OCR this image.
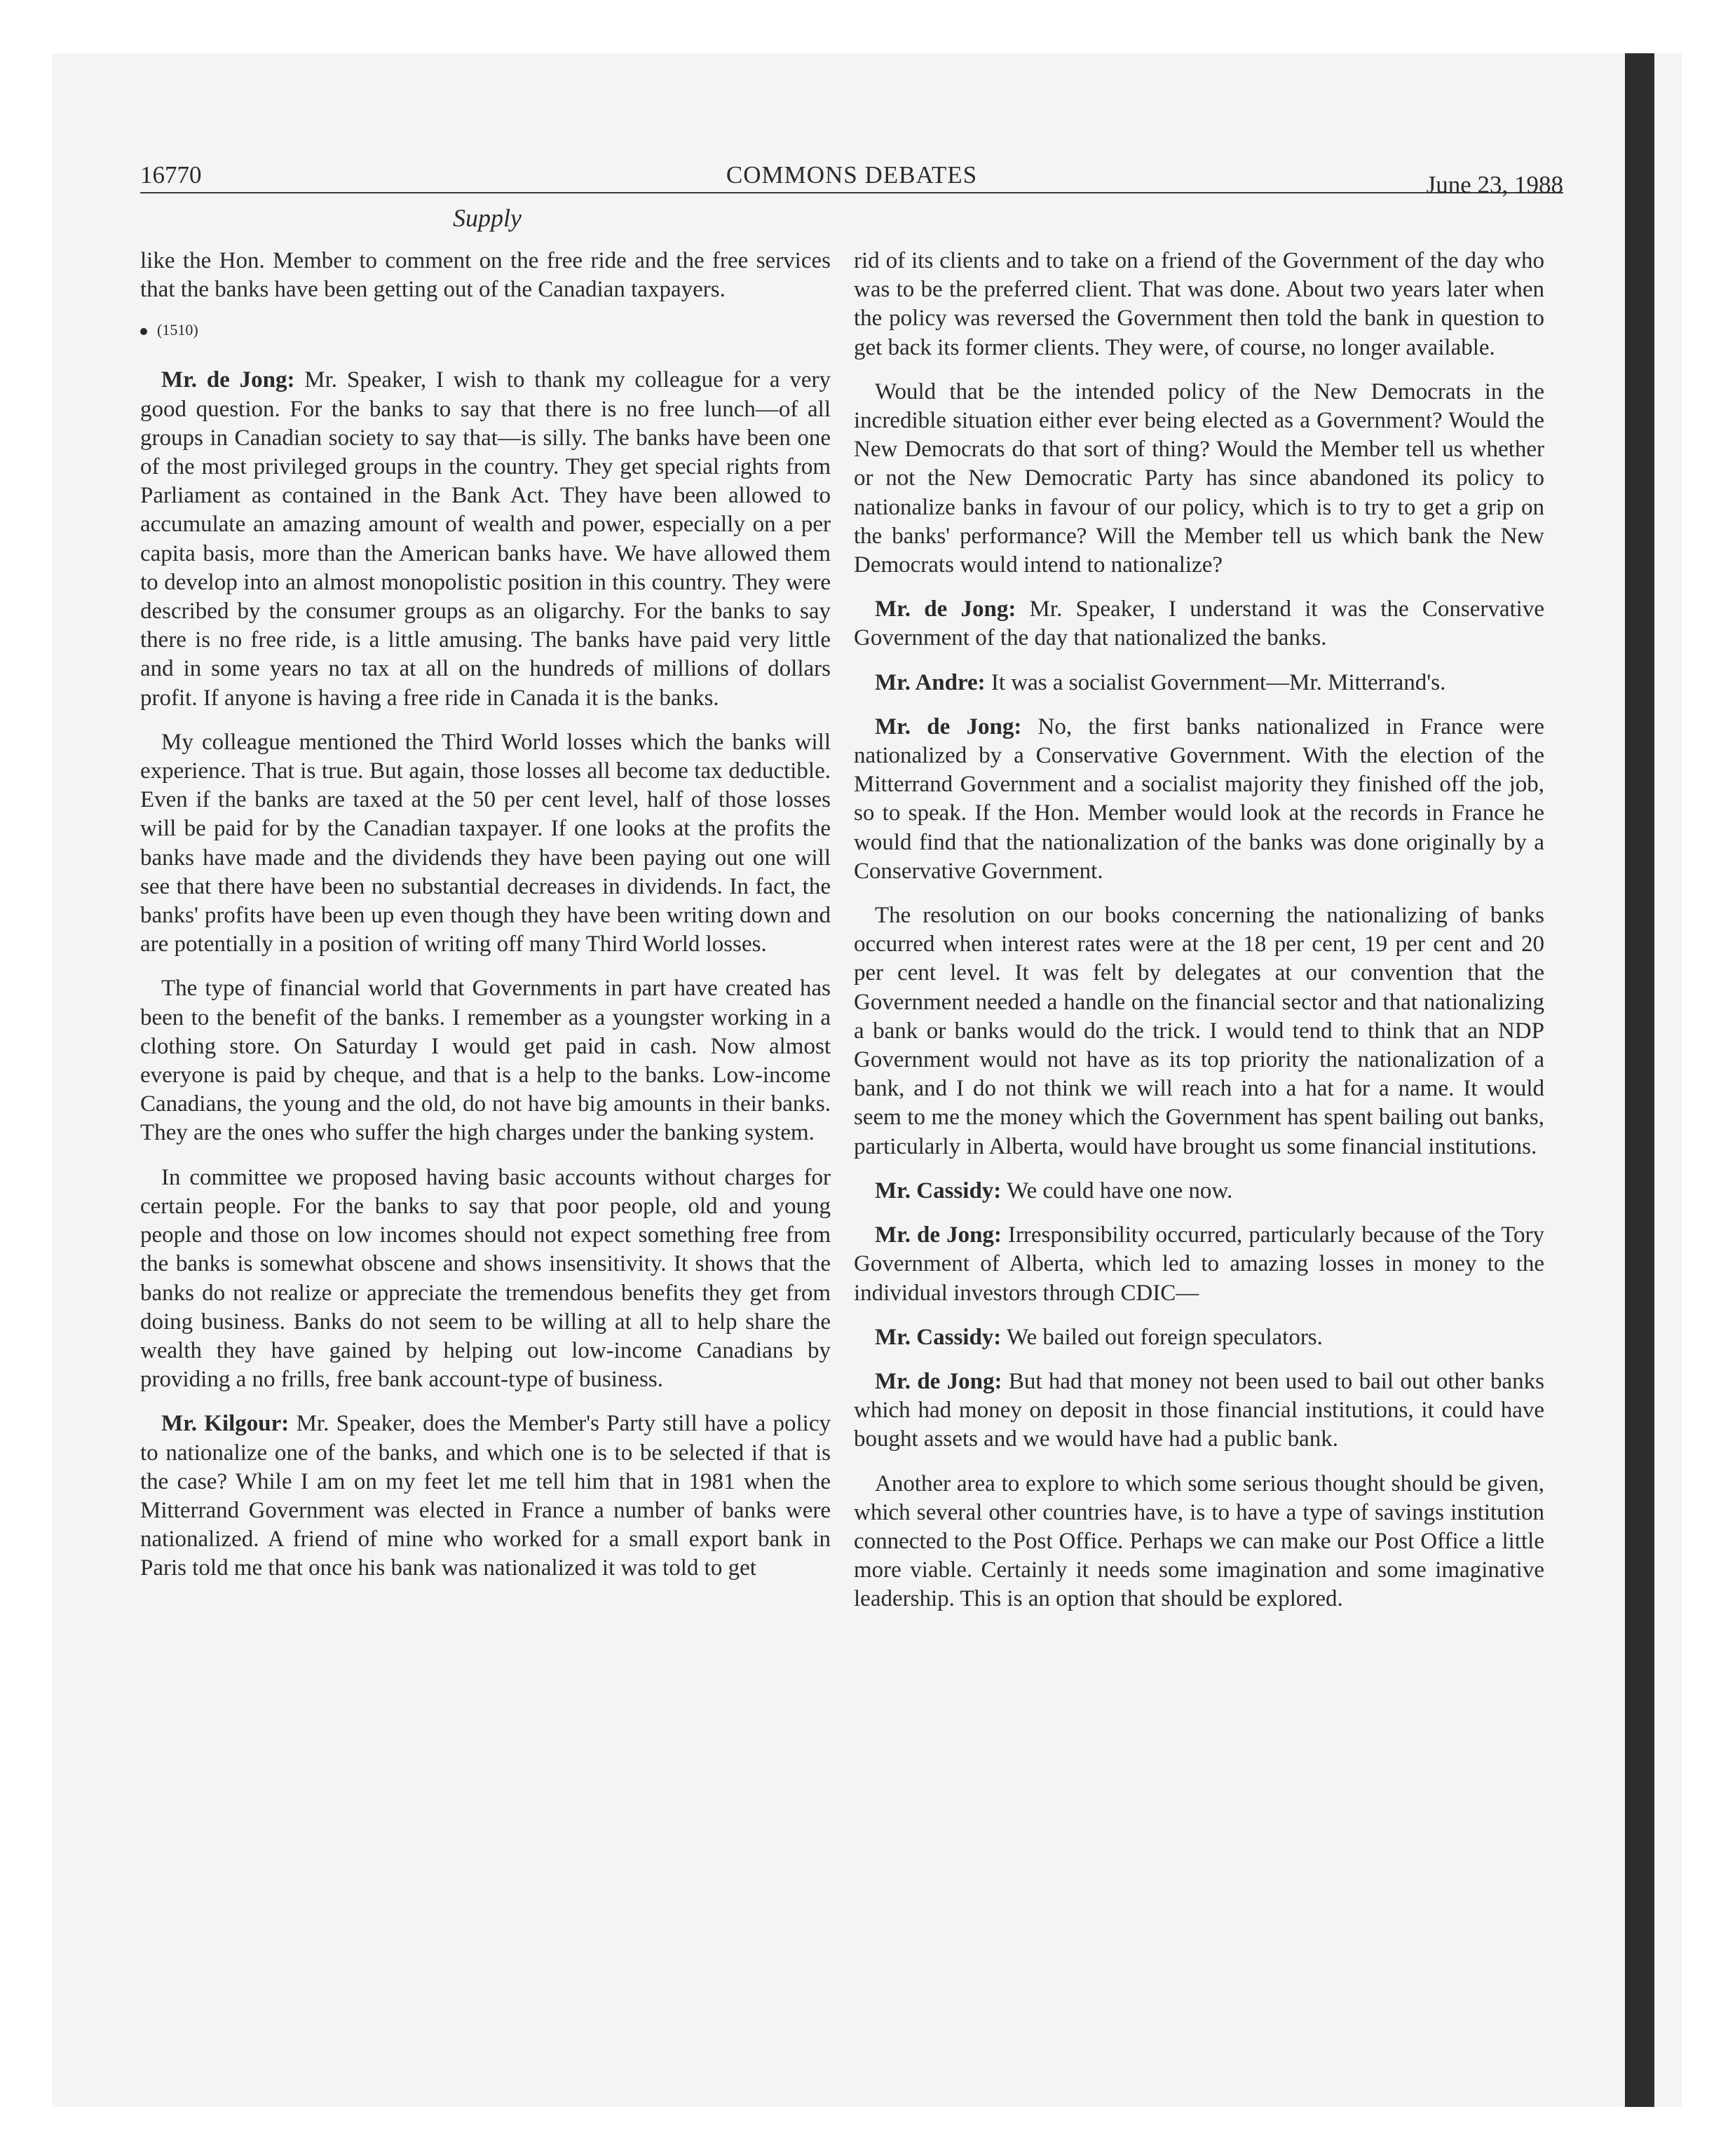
16770	COMMONS DEBATES	June 23, 1988
Supply

like the Hon. Member to comment on the free ride and the free services that the banks have been getting out of the Canadian taxpayers.

(1510)

Mr. de Jong: Mr. Speaker, I wish to thank my colleague for a very good question. For the banks to say that there is no free lunch—of all groups in Canadian society to say that—is silly. The banks have been one of the most privileged groups in the country. They get special rights from Parliament as contained in the Bank Act. They have been allowed to accumulate an amazing amount of wealth and power, especially on a per capita basis, more than the American banks have. We have allowed them to develop into an almost monopolistic position in this country. They were described by the consumer groups as an oligarchy. For the banks to say there is no free ride, is a little amusing. The banks have paid very little and in some years no tax at all on the hundreds of millions of dollars profit. If anyone is having a free ride in Canada it is the banks.

My colleague mentioned the Third World losses which the banks will experience. That is true. But again, those losses all become tax deductible. Even if the banks are taxed at the 50 per cent level, half of those losses will be paid for by the Canadian taxpayer. If one looks at the profits the banks have made and the dividends they have been paying out one will see that there have been no substantial decreases in dividends. In fact, the banks' profits have been up even though they have been writing down and are potentially in a position of writing off many Third World losses.

The type of financial world that Governments in part have created has been to the benefit of the banks. I remember as a youngster working in a clothing store. On Saturday I would get paid in cash. Now almost everyone is paid by cheque, and that is a help to the banks. Low-income Canadians, the young and the old, do not have big amounts in their banks. They are the ones who suffer the high charges under the banking system.

In committee we proposed having basic accounts without charges for certain people. For the banks to say that poor people, old and young people and those on low incomes should not expect something free from the banks is somewhat obscene and shows insensitivity. It shows that the banks do not realize or appreciate the tremendous benefits they get from doing business. Banks do not seem to be willing at all to help share the wealth they have gained by helping out low-income Canadians by providing a no frills, free bank account-type of business.

Mr. Kilgour: Mr. Speaker, does the Member's Party still have a policy to nationalize one of the banks, and which one is to be selected if that is the case? While I am on my feet let me tell him that in 1981 when the Mitterrand Government was elected in France a number of banks were nationalized. A friend of mine who worked for a small export bank in Paris told me that once his bank was nationalized it was told to get

rid of its clients and to take on a friend of the Government of the day who was to be the preferred client. That was done. About two years later when the policy was reversed the Government then told the bank in question to get back its former clients. They were, of course, no longer available.

Would that be the intended policy of the New Democrats in the incredible situation either ever being elected as a Government? Would the New Democrats do that sort of thing? Would the Member tell us whether or not the New Democratic Party has since abandoned its policy to nationalize banks in favour of our policy, which is to try to get a grip on the banks' performance? Will the Member tell us which bank the New Democrats would intend to nationalize?

Mr. de Jong: Mr. Speaker, I understand it was the Conservative Government of the day that nationalized the banks.

Mr. Andre: It was a socialist Government—Mr. Mitterrand's.

Mr. de Jong: No, the first banks nationalized in France were nationalized by a Conservative Government. With the election of the Mitterrand Government and a socialist majority they finished off the job, so to speak. If the Hon. Member would look at the records in France he would find that the nationalization of the banks was done originally by a Conservative Government.

The resolution on our books concerning the nationalizing of banks occurred when interest rates were at the 18 per cent, 19 per cent and 20 per cent level. It was felt by delegates at our convention that the Government needed a handle on the financial sector and that nationalizing a bank or banks would do the trick. I would tend to think that an NDP Government would not have as its top priority the nationalization of a bank, and I do not think we will reach into a hat for a name. It would seem to me the money which the Government has spent bailing out banks, particularly in Alberta, would have brought us some financial institutions.

Mr. Cassidy: We could have one now.

Mr. de Jong: Irresponsibility occurred, particularly because of the Tory Government of Alberta, which led to amazing losses in money to the individual investors through CDIC—

Mr. Cassidy: We bailed out foreign speculators.

Mr. de Jong: But had that money not been used to bail out other banks which had money on deposit in those financial institutions, it could have bought assets and we would have had a public bank.

Another area to explore to which some serious thought should be given, which several other countries have, is to have a type of savings institution connected to the Post Office. Perhaps we can make our Post Office a little more viable. Certainly it needs some imagination and some imaginative leadership. This is an option that should be explored.
